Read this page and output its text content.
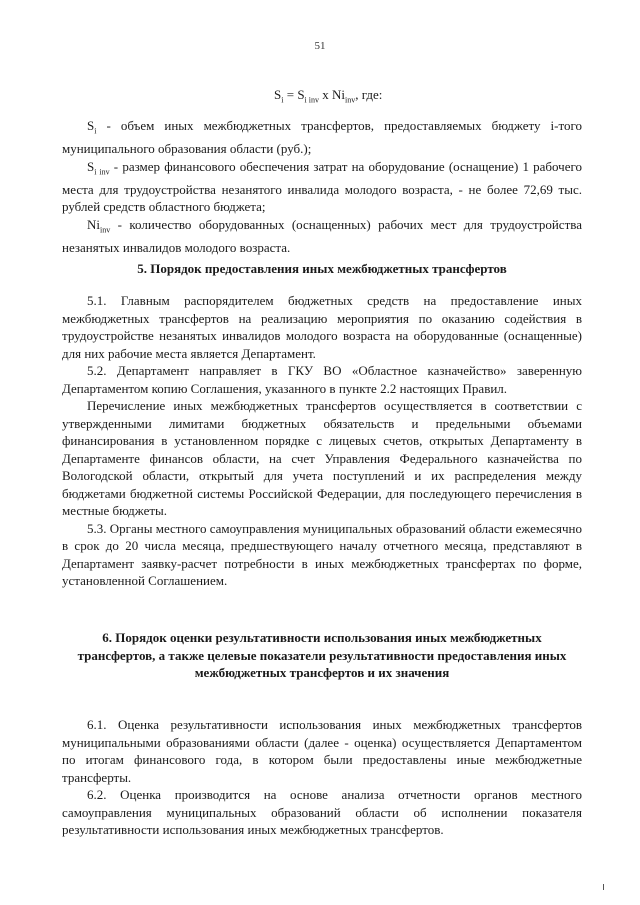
51
$S_i = S_{i inv}$ x $Ni_{inv}$, где:

$S_i$ - объем иных межбюджетных трансфертов, предоставляемых бюджету i-того муниципального образования области (руб.);

$S_{i inv}$ - размер финансового обеспечения затрат на оборудование (оснащение) 1 рабочего места для трудоустройства незанятого инвалида молодого возраста, - не более 72,69 тыс. рублей средств областного бюджета;

$Ni_{inv}$ - количество оборудованных (оснащенных) рабочих мест для трудоустройства незанятых инвалидов молодого возраста.

5. Порядок предоставления иных межбюджетных трансфертов

5.1. Главным распорядителем бюджетных средств на предоставление иных межбюджетных трансфертов на реализацию мероприятия по оказанию содействия в трудоустройстве незанятых инвалидов молодого возраста на оборудованные (оснащенные) для них рабочие места является Департамент.

5.2. Департамент направляет в ГКУ ВО «Областное казначейство» заверенную Департаментом копию Соглашения, указанного в пункте 2.2 настоящих Правил.

Перечисление иных межбюджетных трансфертов осуществляется в соответствии с утвержденными лимитами бюджетных обязательств и предельными объемами финансирования в установленном порядке с лицевых счетов, открытых Департаменту в Департаменте финансов области, на счет Управления Федерального казначейства по Вологодской области, открытый для учета поступлений и их распределения между бюджетами бюджетной системы Российской Федерации, для последующего перечисления в местные бюджеты.

5.3. Органы местного самоуправления муниципальных образований области ежемесячно в срок до 20 числа месяца, предшествующего началу отчетного месяца, представляют в Департамент заявку-расчет потребности в иных межбюджетных трансфертах по форме, установленной Соглашением.

6. Порядок оценки результативности использования иных межбюджетных трансфертов, а также целевые показатели результативности предоставления иных межбюджетных трансфертов и их значения

6.1. Оценка результативности использования иных межбюджетных трансфертов муниципальными образованиями области (далее - оценка) осуществляется Департаментом по итогам финансового года, в котором были предоставлены иные межбюджетные трансферты.

6.2. Оценка производится на основе анализа отчетности органов местного самоуправления муниципальных образований области об исполнении показателя результативности использования иных межбюджетных трансфертов.
